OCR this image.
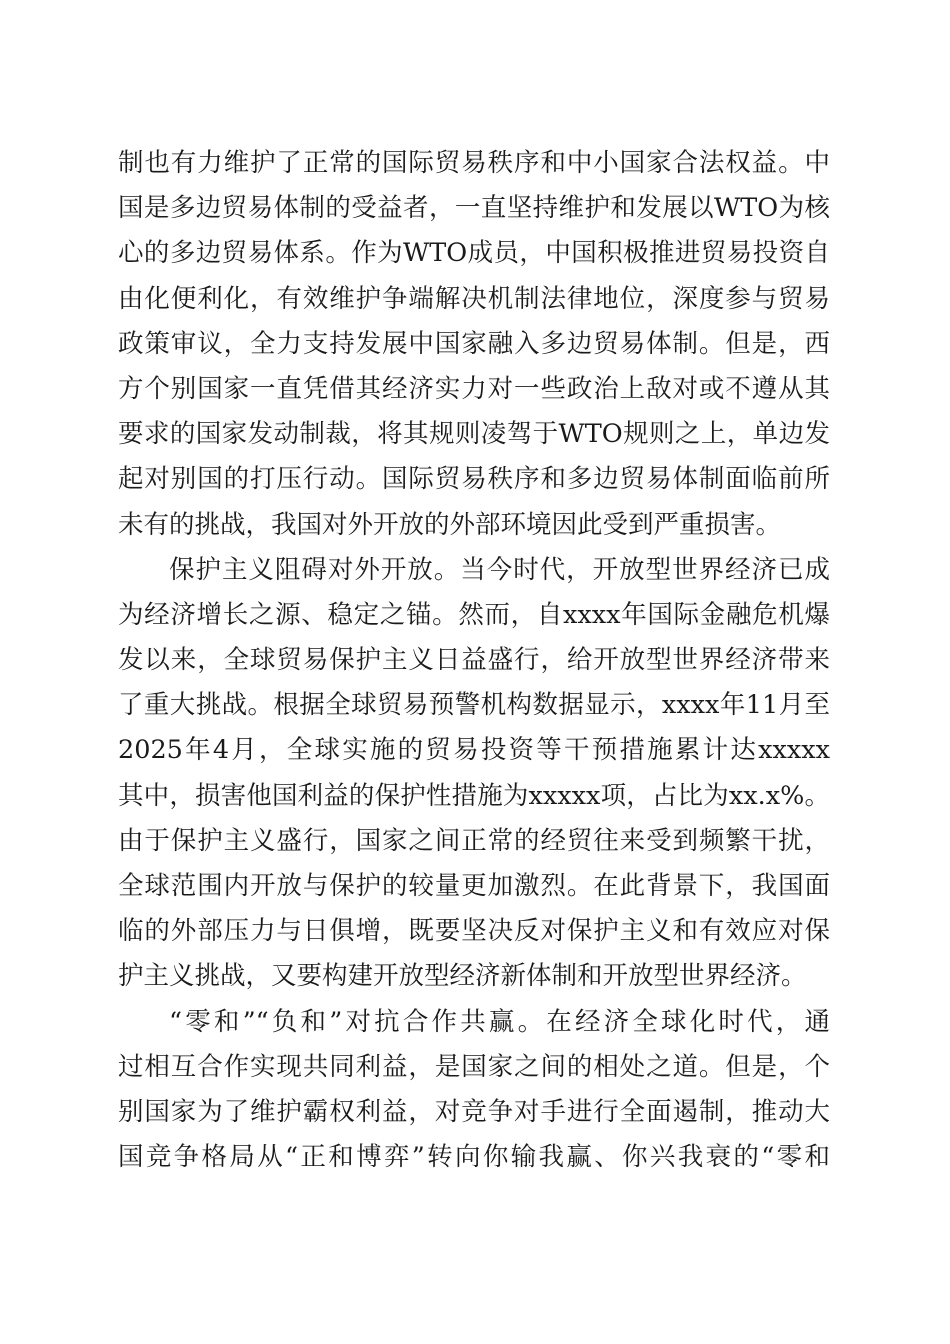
制也有力维护了正常的国际贸易秩序和中小国家合法权益。中
国是多边贸易体制的受益者，一直坚持维护和发展以WTO为核
心的多边贸易体系。作为WTO成员，中国积极推进贸易投资自
由化便利化，有效维护争端解决机制法律地位，深度参与贸易
政策审议，全力支持发展中国家融入多边贸易体制。但是，西
方个别国家一直凭借其经济实力对一些政治上敌对或不遵从其
要求的国家发动制裁，将其规则凌驾于WTO规则之上，单边发
起对别国的打压行动。国际贸易秩序和多边贸易体制面临前所
未有的挑战，我国对外开放的外部环境因此受到严重损害。
保护主义阻碍对外开放。当今时代，开放型世界经济已成
为经济增长之源、稳定之锚。然而，自xxxx年国际金融危机爆
发以来，全球贸易保护主义日益盛行，给开放型世界经济带来
了重大挑战。根据全球贸易预警机构数据显示，xxxx年11月至
2025年4月，全球实施的贸易投资等干预措施累计达xxxxx
其中，损害他国利益的保护性措施为xxxxx项，占比为xx.x%。
由于保护主义盛行，国家之间正常的经贸往来受到频繁干扰，
全球范围内开放与保护的较量更加激烈。在此背景下，我国面
临的外部压力与日俱增，既要坚决反对保护主义和有效应对保
护主义挑战，又要构建开放型经济新体制和开放型世界经济。
“零和”“负和”对抗合作共赢。在经济全球化时代，通
过相互合作实现共同利益，是国家之间的相处之道。但是，个
别国家为了维护霸权利益，对竞争对手进行全面遏制，推动大
国竞争格局从“正和博弈”转向你输我赢、你兴我衰的“零和
